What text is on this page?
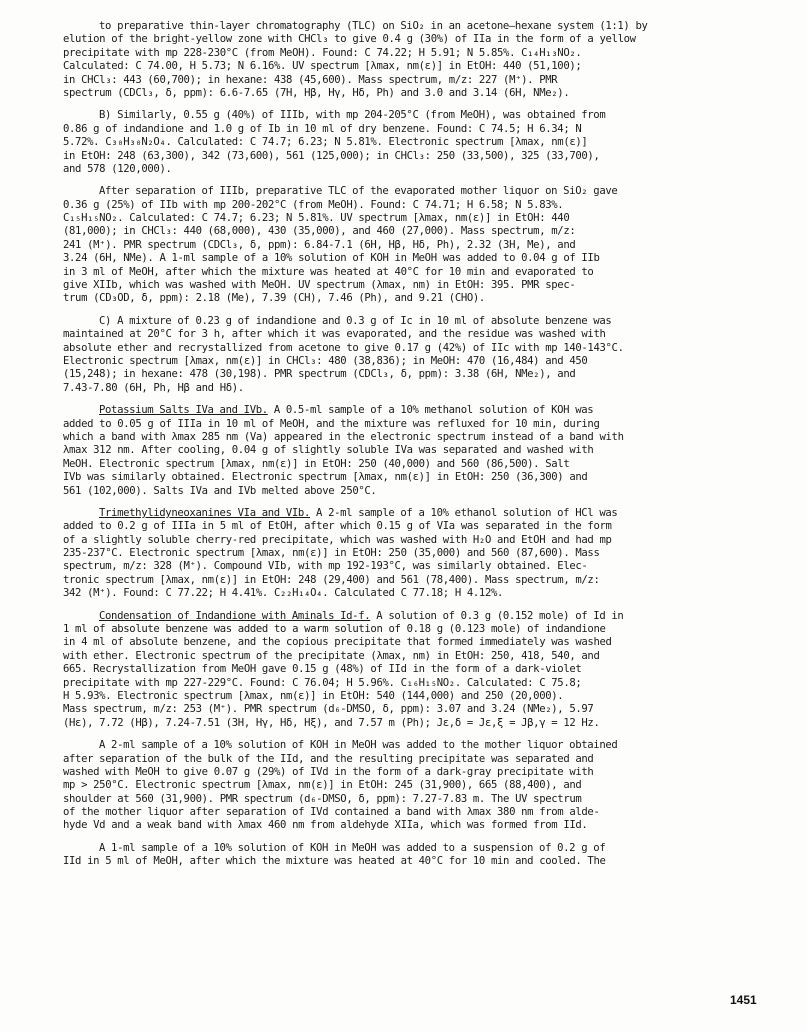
to preparative thin-layer chromatography (TLC) on SiO₂ in an acetone—hexane system (1:1) by
elution of the bright-yellow zone with CHCl₃ to give 0.4 g (30%) of IIa in the form of a yellow
precipitate with mp 228-230°C (from MeOH). Found: C 74.22; H 5.91; N 5.85%. C₁₄H₁₃NO₂.
Calculated: C 74.00, H 5.73; N 6.16%. UV spectrum [λmax, nm(ε)] in EtOH: 440 (51,100);
in CHCl₃: 443 (60,700); in hexane: 438 (45,600). Mass spectrum, m/z: 227 (M⁺). PMR
spectrum (CDCl₃, δ, ppm): 6.6-7.65 (7H, Hβ, Hγ, Hδ, Ph) and 3.0 and 3.14 (6H, NMe₂).
B) Similarly, 0.55 g (40%) of IIIb, with mp 204-205°C (from MeOH), was obtained from
0.86 g of indandione and 1.0 g of Ib in 10 ml of dry benzene. Found: C 74.5; H 6.34; N
5.72%. C₃₀H₃₀N₂O₄. Calculated: C 74.7; 6.23; N 5.81%. Electronic spectrum [λmax, nm(ε)]
in EtOH: 248 (63,300), 342 (73,600), 561 (125,000); in CHCl₃: 250 (33,500), 325 (33,700),
and 578 (120,000).
After separation of IIIb, preparative TLC of the evaporated mother liquor on SiO₂ gave
0.36 g (25%) of IIb with mp 200-202°C (from MeOH). Found: C 74.71; H 6.58; N 5.83%.
C₁₅H₁₅NO₂. Calculated: C 74.7; 6.23; N 5.81%. UV spectrum [λmax, nm(ε)] in EtOH: 440
(81,000); in CHCl₃: 440 (68,000), 430 (35,000), and 460 (27,000). Mass spectrum, m/z:
241 (M⁺). PMR spectrum (CDCl₃, δ, ppm): 6.84-7.1 (6H, Hβ, Hδ, Ph), 2.32 (3H, Me), and
3.24 (6H, NMe). A 1-ml sample of a 10% solution of KOH in MeOH was added to 0.04 g of IIb
in 3 ml of MeOH, after which the mixture was heated at 40°C for 10 min and evaporated to
give XIIb, which was washed with MeOH. UV spectrum (λmax, nm) in EtOH: 395. PMR spec-
trum (CD₃OD, δ, ppm): 2.18 (Me), 7.39 (CH), 7.46 (Ph), and 9.21 (CHO).
C) A mixture of 0.23 g of indandione and 0.3 g of Ic in 10 ml of absolute benzene was
maintained at 20°C for 3 h, after which it was evaporated, and the residue was washed with
absolute ether and recrystallized from acetone to give 0.17 g (42%) of IIc with mp 140-143°C.
Electronic spectrum [λmax, nm(ε)] in CHCl₃: 480 (38,836); in MeOH: 470 (16,484) and 450
(15,248); in hexane: 478 (30,198). PMR spectrum (CDCl₃, δ, ppm): 3.38 (6H, NMe₂), and
7.43-7.80 (6H, Ph, Hβ and Hδ).
Potassium Salts IVa and IVb. A 0.5-ml sample of a 10% methanol solution of KOH was
added to 0.05 g of IIIa in 10 ml of MeOH, and the mixture was refluxed for 10 min, during
which a band with λmax 285 nm (Va) appeared in the electronic spectrum instead of a band with
λmax 312 nm. After cooling, 0.04 g of slightly soluble IVa was separated and washed with
MeOH. Electronic spectrum [λmax, nm(ε)] in EtOH: 250 (40,000) and 560 (86,500). Salt
IVb was similarly obtained. Electronic spectrum [λmax, nm(ε)] in EtOH: 250 (36,300) and
561 (102,000). Salts IVa and IVb melted above 250°C.
Trimethylidyneoxanines VIa and VIb. A 2-ml sample of a 10% ethanol solution of HCl was
added to 0.2 g of IIIa in 5 ml of EtOH, after which 0.15 g of VIa was separated in the form
of a slightly soluble cherry-red precipitate, which was washed with H₂O and EtOH and had mp
235-237°C. Electronic spectrum [λmax, nm(ε)] in EtOH: 250 (35,000) and 560 (87,600). Mass
spectrum, m/z: 328 (M⁺). Compound VIb, with mp 192-193°C, was similarly obtained. Elec-
tronic spectrum [λmax, nm(ε)] in EtOH: 248 (29,400) and 561 (78,400). Mass spectrum, m/z:
342 (M⁺). Found: C 77.22; H 4.41%. C₂₂H₁₄O₄. Calculated C 77.18; H 4.12%.
Condensation of Indandione with Aminals Id-f. A solution of 0.3 g (0.152 mole) of Id in
1 ml of absolute benzene was added to a warm solution of 0.18 g (0.123 mole) of indandione
in 4 ml of absolute benzene, and the copious precipitate that formed immediately was washed
with ether. Electronic spectrum of the precipitate (λmax, nm) in EtOH: 250, 418, 540, and
665. Recrystallization from MeOH gave 0.15 g (48%) of IId in the form of a dark-violet
precipitate with mp 227-229°C. Found: C 76.04; H 5.96%. C₁₆H₁₅NO₂. Calculated: C 75.8;
H 5.93%. Electronic spectrum [λmax, nm(ε)] in EtOH: 540 (144,000) and 250 (20,000).
Mass spectrum, m/z: 253 (M⁺). PMR spectrum (d₆-DMSO, δ, ppm): 3.07 and 3.24 (NMe₂), 5.97
(Hε), 7.72 (Hβ), 7.24-7.51 (3H, Hγ, Hδ, Hξ), and 7.57 m (Ph); Jε,δ = Jε,ξ = Jβ,γ = 12 Hz.
A 2-ml sample of a 10% solution of KOH in MeOH was added to the mother liquor obtained
after separation of the bulk of the IId, and the resulting precipitate was separated and
washed with MeOH to give 0.07 g (29%) of IVd in the form of a dark-gray precipitate with
mp > 250°C. Electronic spectrum [λmax, nm(ε)] in EtOH: 245 (31,900), 665 (88,400), and
shoulder at 560 (31,900). PMR spectrum (d₆-DMSO, δ, ppm): 7.27-7.83 m. The UV spectrum
of the mother liquor after separation of IVd contained a band with λmax 380 nm from alde-
hyde Vd and a weak band with λmax 460 nm from aldehyde XIIa, which was formed from IId.
A 1-ml sample of a 10% solution of KOH in MeOH was added to a suspension of 0.2 g of
IId in 5 ml of MeOH, after which the mixture was heated at 40°C for 10 min and cooled. The
1451
